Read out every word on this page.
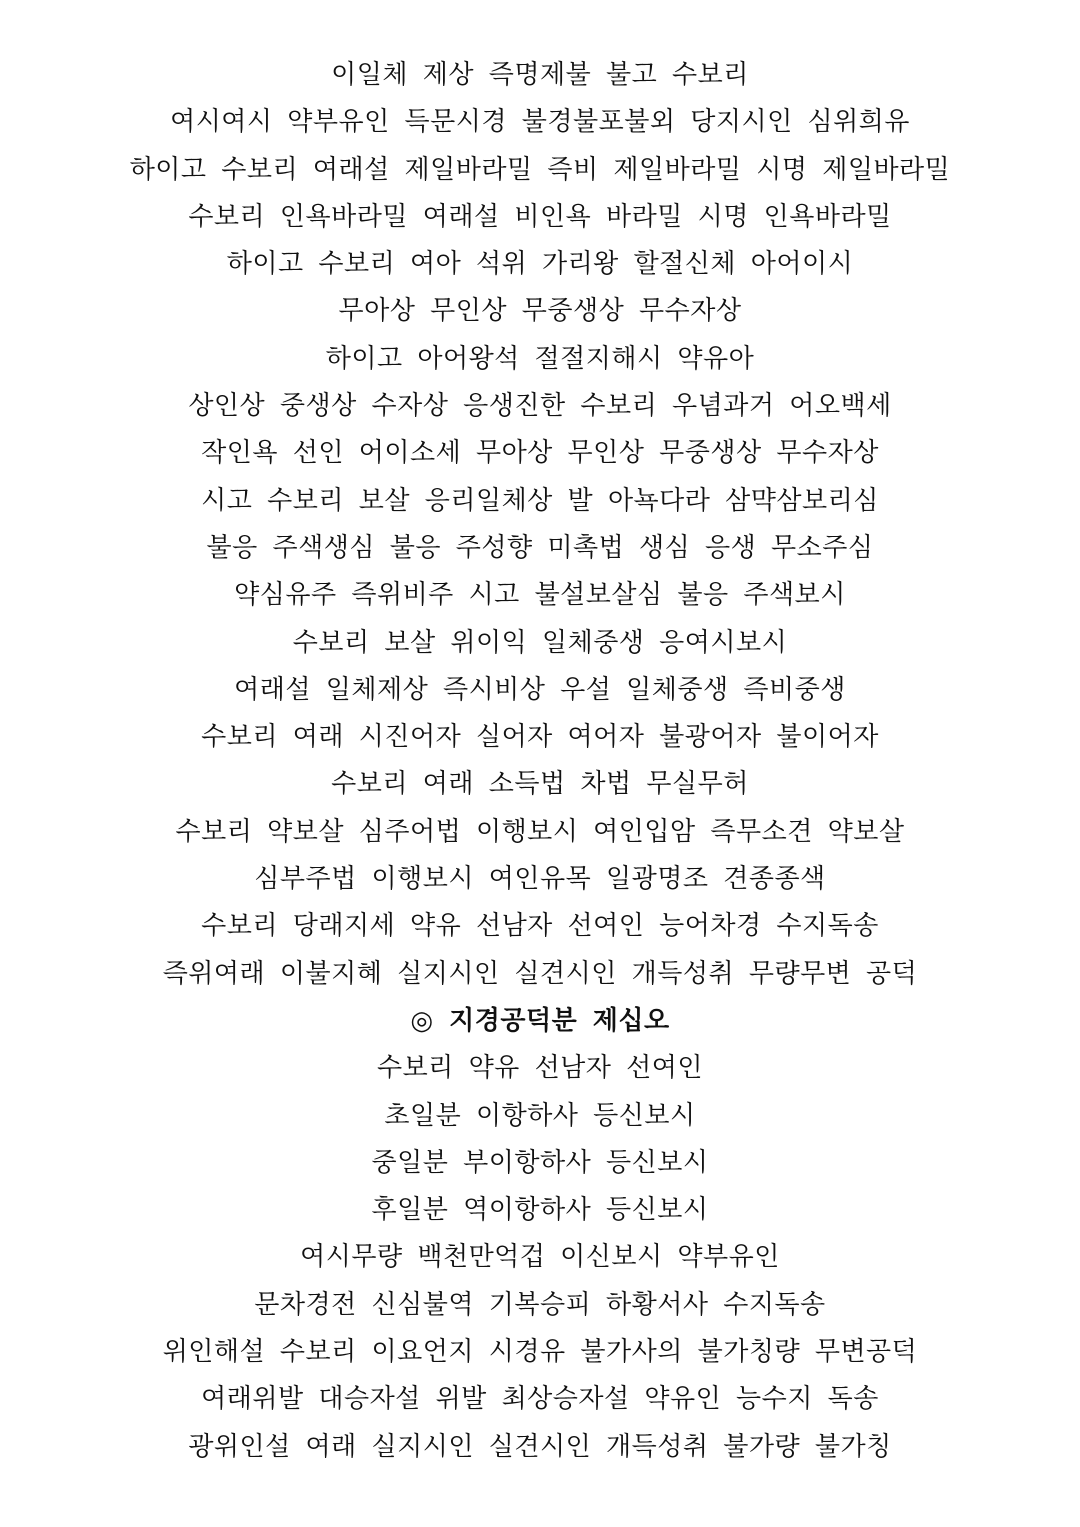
이일체 제상 즉명제불 불고 수보리
여시여시 약부유인 득문시경 불경불포불외 당지시인 심위희유
하이고 수보리 여래설 제일바라밀 즉비 제일바라밀 시명 제일바라밀
수보리 인욕바라밀 여래설 비인욕 바라밀 시명 인욕바라밀
하이고 수보리 여아 석위 가리왕 할절신체 아어이시
무아상 무인상 무중생상 무수자상
하이고 아어왕석 절절지해시 약유아
상인상 중생상 수자상 응생진한 수보리 우념과거 어오백세
작인욕 선인 어이소세 무아상 무인상 무중생상 무수자상
시고 수보리 보살 응리일체상 발 아뇩다라 삼먁삼보리심
불응 주색생심 불응 주성향 미촉법 생심 응생 무소주심
약심유주 즉위비주 시고 불설보살심 불응 주색보시
수보리 보살 위이익 일체중생 응여시보시
여래설 일체제상 즉시비상 우설 일체중생 즉비중생
수보리 여래 시진어자 실어자 여어자 불광어자 불이어자
수보리 여래 소득법 차법 무실무허
수보리 약보살 심주어법 이행보시 여인입암 즉무소견 약보살
심부주법 이행보시 여인유목 일광명조 견종종색
수보리 당래지세 약유 선남자 선여인 능어차경 수지독송
즉위여래 이불지혜 실지시인 실견시인 개득성취 무량무변 공덕
◎ 지경공덕분 제십오
수보리 약유 선남자 선여인
초일분 이항하사 등신보시
중일분 부이항하사 등신보시
후일분 역이항하사 등신보시
여시무량 백천만억겁 이신보시 약부유인
문차경전 신심불역 기복승피 하황서사 수지독송
위인해설 수보리 이요언지 시경유 불가사의 불가칭량 무변공덕
여래위발 대승자설 위발 최상승자설 약유인 능수지 독송
광위인설 여래 실지시인 실견시인 개득성취 불가량 불가칭
